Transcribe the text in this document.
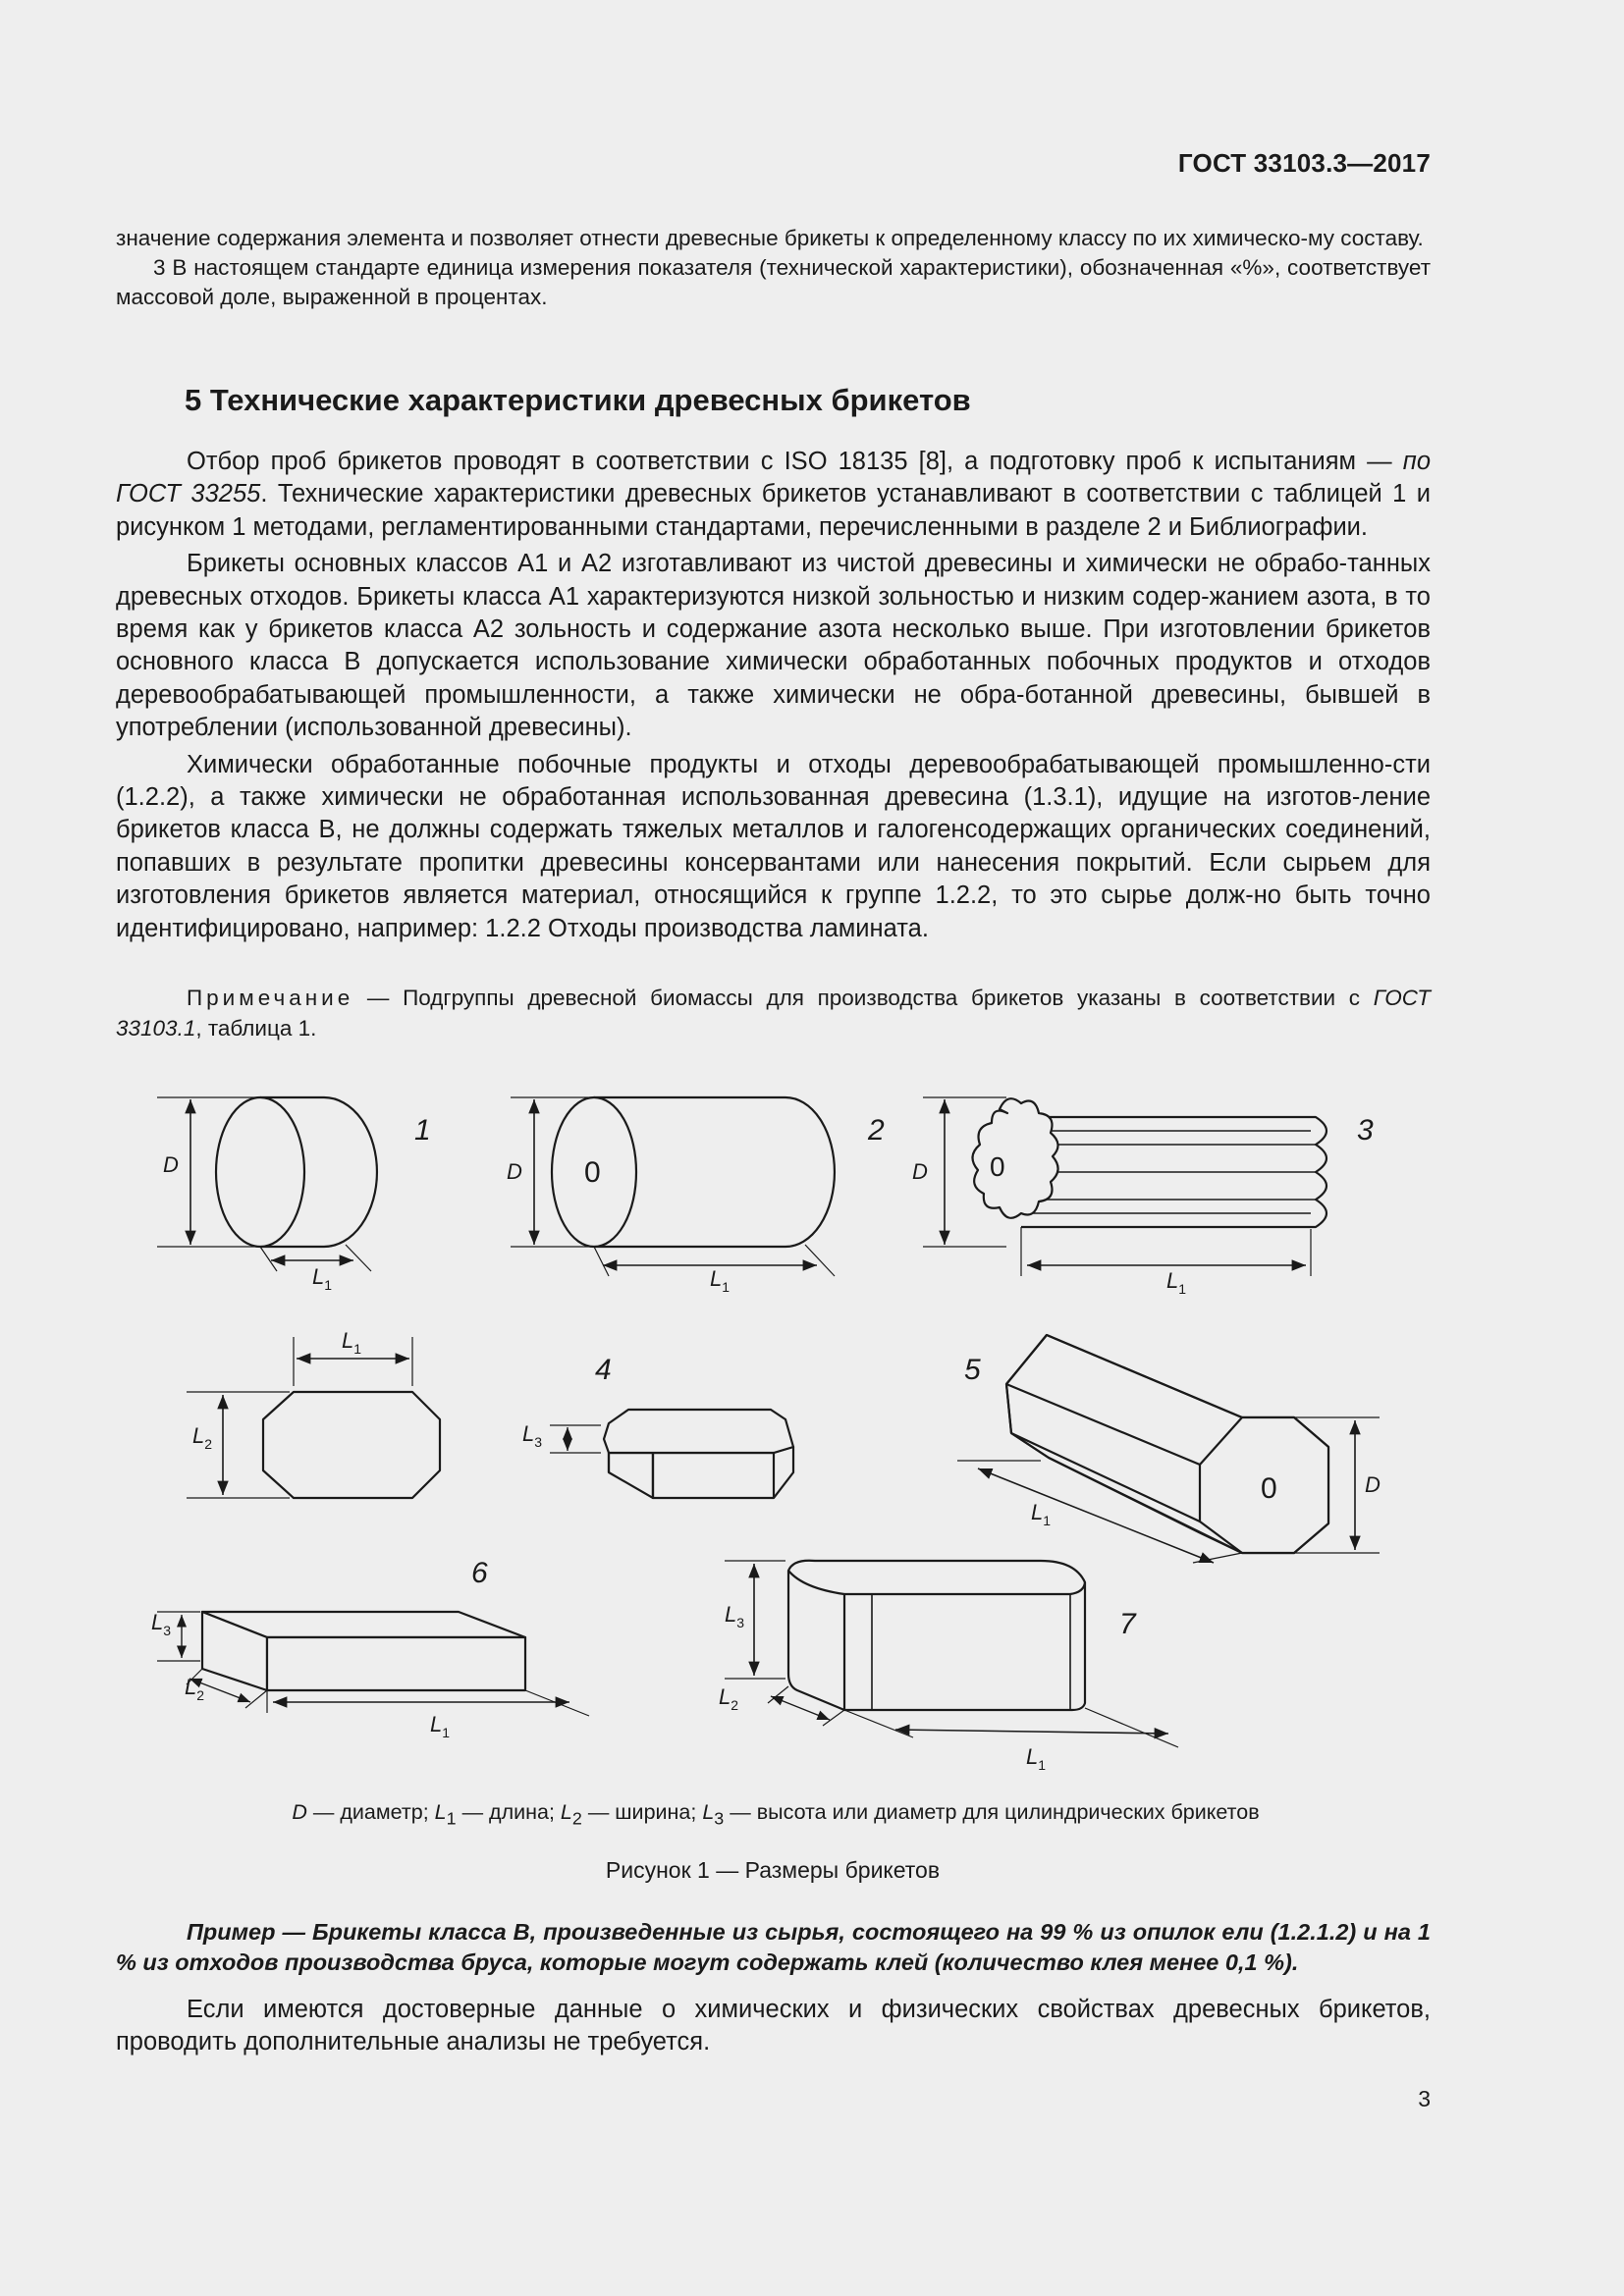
ГОСТ 33103.3—2017

значение содержания элемента и позволяет отнести древесные брикеты к определенному классу по их химическо-му составу.

3 В настоящем стандарте единица измерения показателя (технической характеристики), обозначенная «%», соответствует массовой доле, выраженной в процентах.

5 Технические характеристики древесных брикетов

Отбор проб брикетов проводят в соответствии с ISO 18135 [8], а подготовку проб к испытаниям — по ГОСТ 33255. Технические характеристики древесных брикетов устанавливают в соответствии с таблицей 1 и рисунком 1 методами, регламентированными стандартами, перечисленными в разделе 2 и Библиографии.

Брикеты основных классов А1 и А2 изготавливают из чистой древесины и химически не обрабо-танных древесных отходов. Брикеты класса А1 характеризуются низкой зольностью и низким содер-жанием азота, в то время как у брикетов класса А2 зольность и содержание азота несколько выше. При изготовлении брикетов основного класса В допускается использование химически обработанных побочных продуктов и отходов деревообрабатывающей промышленности, а также химически не обра-ботанной древесины, бывшей в употреблении (использованной древесины).

Химически обработанные побочные продукты и отходы деревообрабатывающей промышленно-сти (1.2.2), а также химически не обработанная использованная древесина (1.3.1), идущие на изготов-ление брикетов класса В, не должны содержать тяжелых металлов и галогенсодержащих органических соединений, попавших в результате пропитки древесины консервантами или нанесения покрытий. Если сырьем для изготовления брикетов является материал, относящийся к группе 1.2.2, то это сырье долж-но быть точно идентифицировано, например: 1.2.2 Отходы производства ламината.

Примечание — Подгруппы древесной биомассы для производства брикетов указаны в соответствии с ГОСТ 33103.1, таблица 1.

1	2	3
4	5
6
7
D	D	D
D
$L_1$	$L_1$	$L_1$
$L_1$
$L_2$	$L_3$
$L_1$
$L_3$
$L_2$
$L_1$
$L_3$
$L_2$
$L_1$
0	0
0
D — диаметр; $L_1$ — длина; $L_2$ — ширина; $L_3$ — высота или диаметр для цилиндрических брикетов
Рисунок 1 — Размеры брикетов
Пример — Брикеты класса В, произведенные из сырья, состоящего на 99 % из опилок ели (1.2.1.2) и на 1 % из отходов производства бруса, которые могут содержать клей (количество клея менее 0,1 %).
Если имеются достоверные данные о химических и физических свойствах древесных брикетов, проводить дополнительные анализы не требуется.
3
